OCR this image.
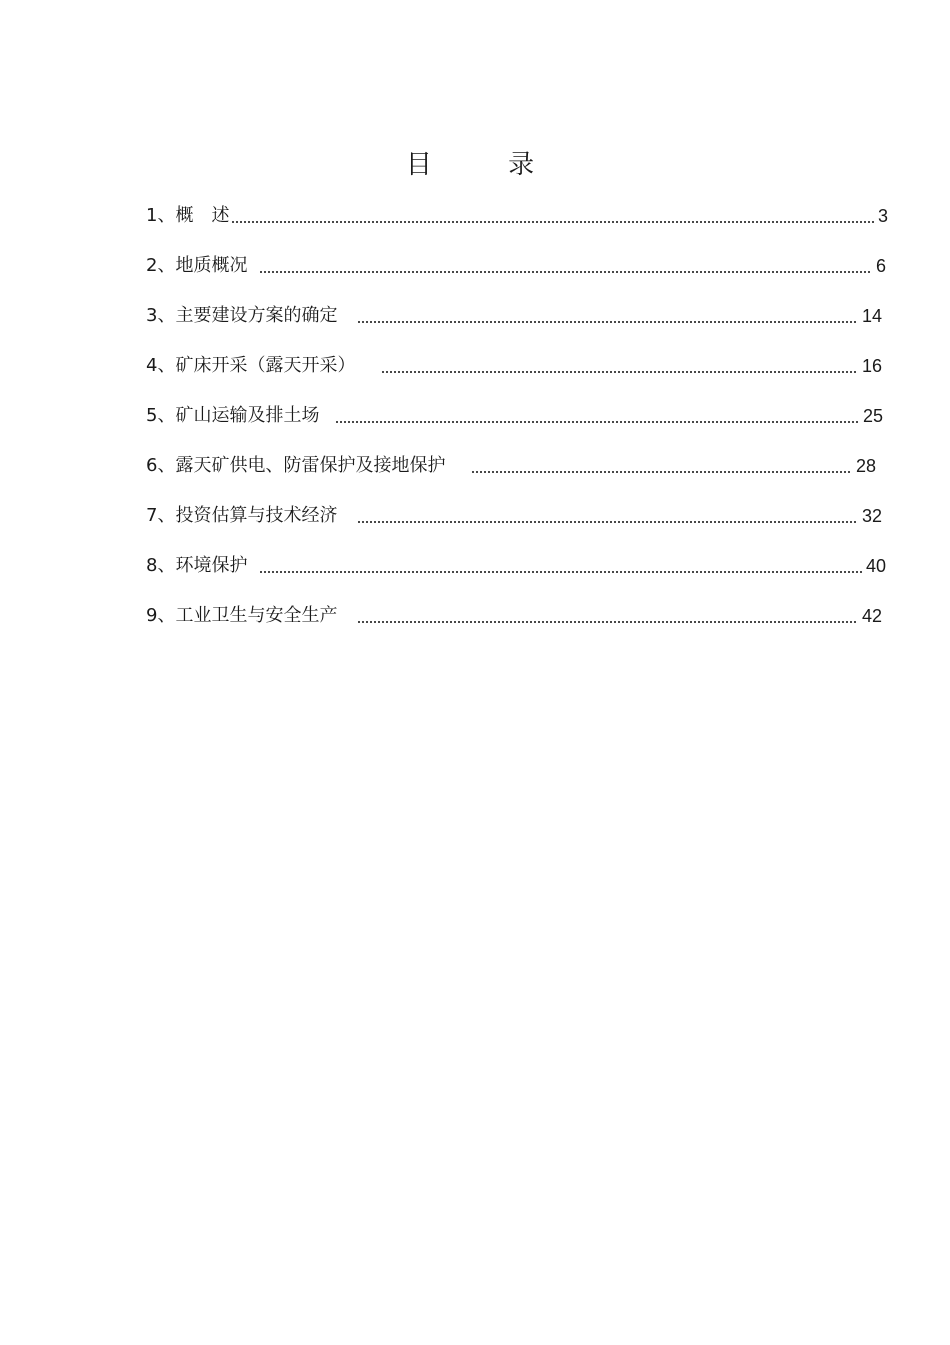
目 录
1、 概　述	3
2、 地质概况	6
3、 主要建设方案的确定	14
4、 矿床开采（露天开采）	16
5、 矿山运输及排土场	25
6、 露天矿供电、防雷保护及接地保护	28
7、 投资估算与技术经济	32
8、 环境保护	40
9、 工业卫生与安全生产	42
